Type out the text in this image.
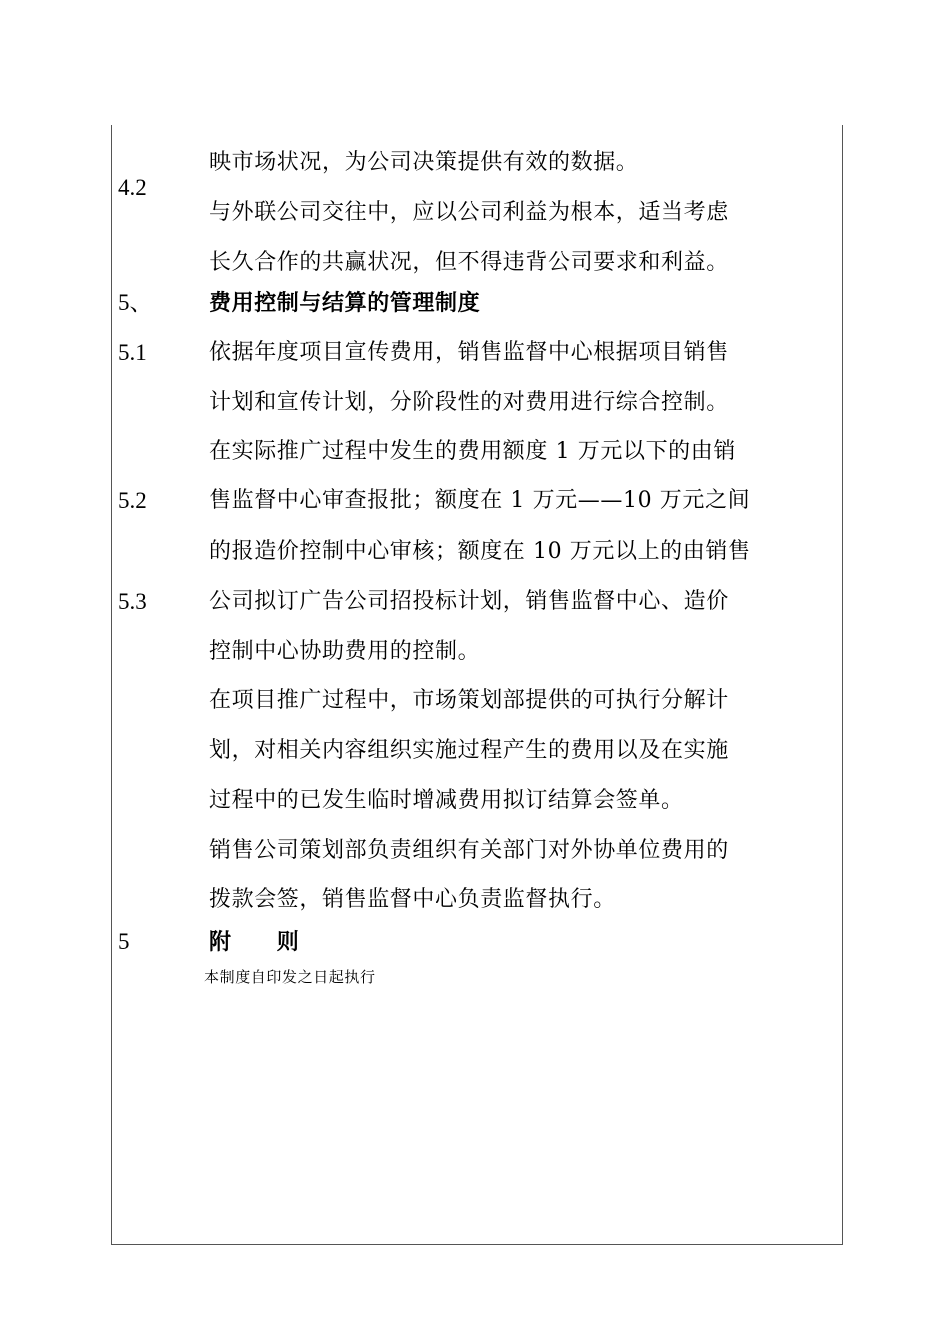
4.2
5、
5.1
5.2
5.3
5
映市场状况，为公司决策提供有效的数据。
与外联公司交往中，应以公司利益为根本，适当考虑
长久合作的共赢状况，但不得违背公司要求和利益。
费用控制与结算的管理制度
依据年度项目宣传费用，销售监督中心根据项目销售
计划和宣传计划，分阶段性的对费用进行综合控制。
在实际推广过程中发生的费用额度 1 万元以下的由销
售监督中心审查报批；额度在 1 万元——10 万元之间
的报造价控制中心审核；额度在 10 万元以上的由销售
公司拟订广告公司招投标计划，销售监督中心、造价
控制中心协助费用的控制。
在项目推广过程中，市场策划部提供的可执行分解计
划，对相关内容组织实施过程产生的费用以及在实施
过程中的已发生临时增减费用拟订结算会签单。
销售公司策划部负责组织有关部门对外协单位费用的
拨款会签，销售监督中心负责监督执行。
附　　则
本制度自印发之日起执行
